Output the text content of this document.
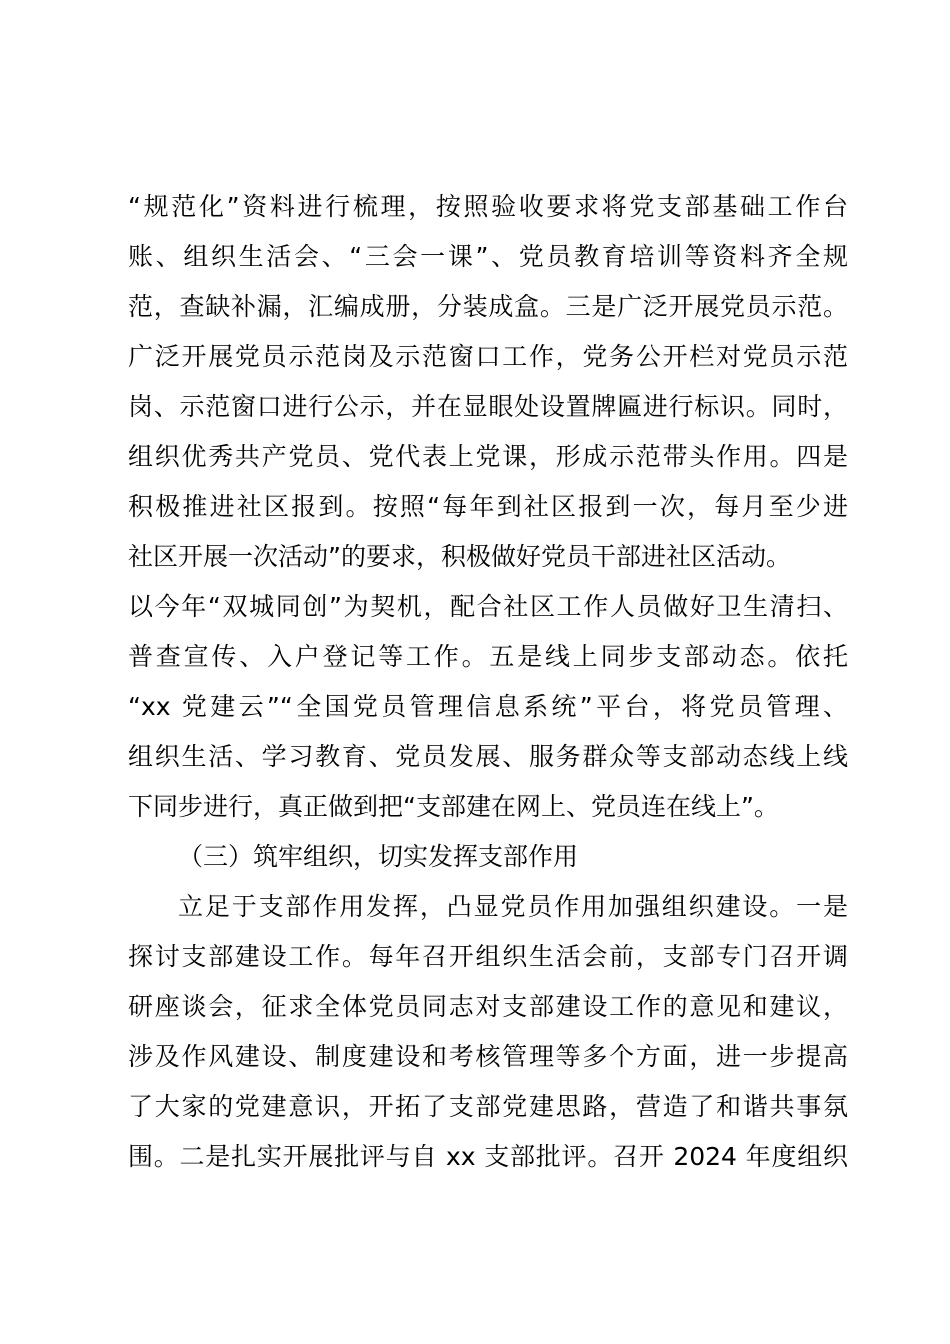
“规范化”资料进行梳理，按照验收要求将党支部基础工作台
账、组织生活会、“三会一课”、党员教育培训等资料齐全规
范，查缺补漏，汇编成册，分装成盒。三是广泛开展党员示范。
广泛开展党员示范岗及示范窗口工作，党务公开栏对党员示范
岗、示范窗口进行公示，并在显眼处设置牌匾进行标识。同时，
组织优秀共产党员、党代表上党课，形成示范带头作用。四是
积极推进社区报到。按照“每年到社区报到一次，每月至少进
社区开展一次活动”的要求，积极做好党员干部进社区活动。
以今年“双城同创”为契机，配合社区工作人员做好卫生清扫、
普查宣传、入户登记等工作。五是线上同步支部动态。依托
“xx 党建云”“全国党员管理信息系统”平台，将党员管理、
组织生活、学习教育、党员发展、服务群众等支部动态线上线
下同步进行，真正做到把“支部建在网上、党员连在线上”。
（三）筑牢组织，切实发挥支部作用
立足于支部作用发挥，凸显党员作用加强组织建设。一是
探讨支部建设工作。每年召开组织生活会前，支部专门召开调
研座谈会，征求全体党员同志对支部建设工作的意见和建议，
涉及作风建设、制度建设和考核管理等多个方面，进一步提高
了大家的党建意识，开拓了支部党建思路，营造了和谐共事氛
围。二是扎实开展批评与自 xx 支部批评。召开 2024 年度组织
